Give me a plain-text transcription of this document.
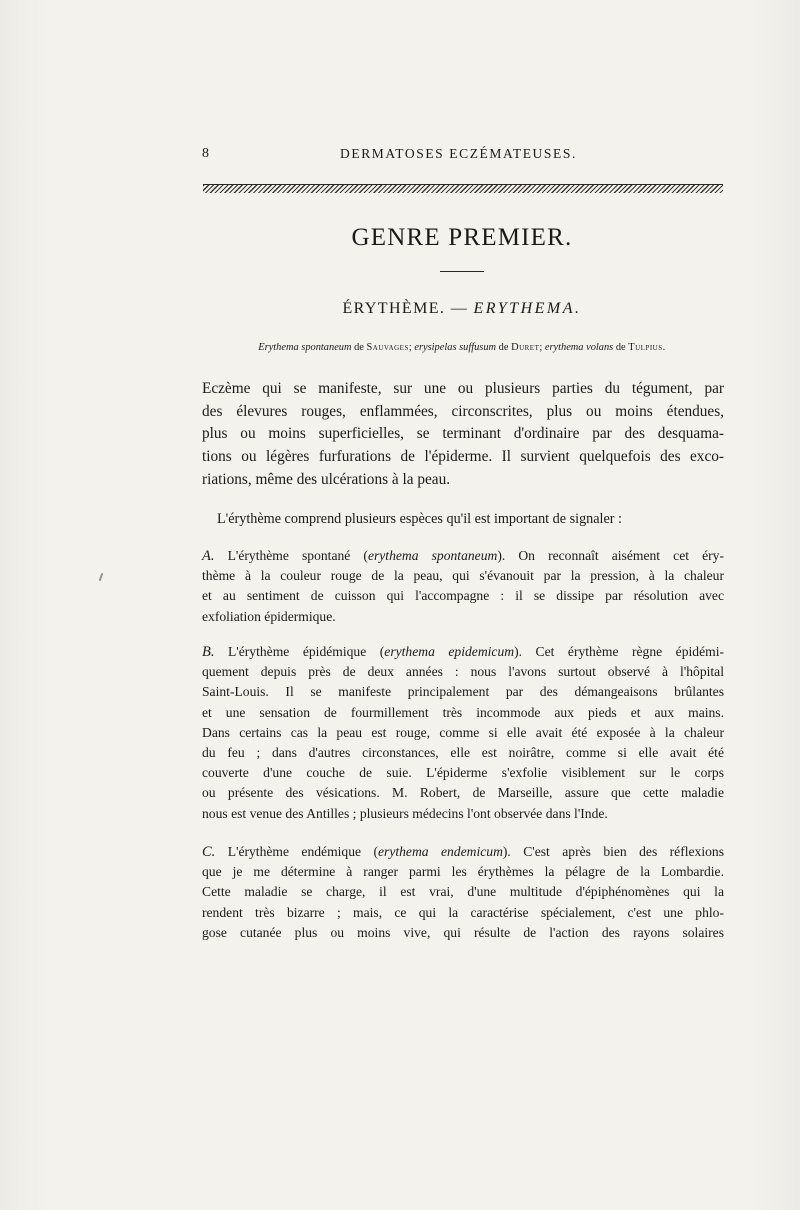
8	DERMATOSES ECZÉMATEUSES.
GENRE PREMIER.
ÉRYTHÈME. — ERYTHEMA.
Erythema spontaneum de Sauvages; erysipelas suffusum de Duret; erythema volans de Tulpius.
Eczème qui se manifeste, sur une ou plusieurs parties du tégument, par
des élevures rouges, enflammées, circonscrites, plus ou moins étendues,
plus ou moins superficielles, se terminant d'ordinaire par des desquama-
tions ou légères furfurations de l'épiderme. Il survient quelquefois des exco-
riations, même des ulcérations à la peau.
L'érythème comprend plusieurs espèces qu'il est important de signaler :
A. L'érythème spontané (erythema spontaneum). On reconnaît aisément cet éry-
thème à la couleur rouge de la peau, qui s'évanouit par la pression, à la chaleur
et au sentiment de cuisson qui l'accompagne : il se dissipe par résolution avec
exfoliation épidermique.
B. L'érythème épidémique (erythema epidemicum). Cet érythème règne épidémi-
quement depuis près de deux années : nous l'avons surtout observé à l'hôpital
Saint-Louis. Il se manifeste principalement par des démangeaisons brûlantes
et une sensation de fourmillement très incommode aux pieds et aux mains.
Dans certains cas la peau est rouge, comme si elle avait été exposée à la chaleur
du feu ; dans d'autres circonstances, elle est noirâtre, comme si elle avait été
couverte d'une couche de suie. L'épiderme s'exfolie visiblement sur le corps
ou présente des vésications. M. Robert, de Marseille, assure que cette maladie
nous est venue des Antilles ; plusieurs médecins l'ont observée dans l'Inde.
C. L'érythème endémique (erythema endemicum). C'est après bien des réflexions
que je me détermine à ranger parmi les érythèmes la pélagre de la Lombardie.
Cette maladie se charge, il est vrai, d'une multitude d'épiphénomènes qui la
rendent très bizarre ; mais, ce qui la caractérise spécialement, c'est une phlo-
gose cutanée plus ou moins vive, qui résulte de l'action des rayons solaires
